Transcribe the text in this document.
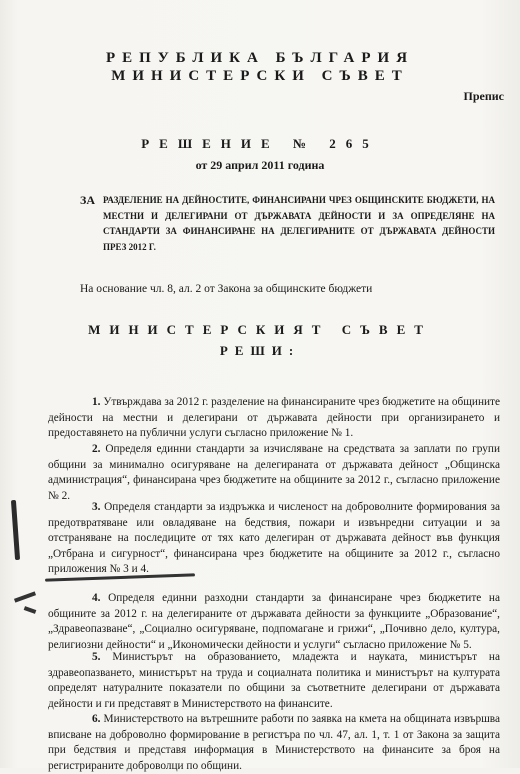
РЕПУБЛИКА БЪЛГАРИЯ
МИНИСТЕРСКИ СЪВЕТ
Препис
РЕШЕНИЕ № 265
от 29 април 2011 година
ЗА РАЗДЕЛЕНИЕ НА ДЕЙНОСТИТЕ, ФИНАНСИРАНИ ЧРЕЗ ОБЩИНСКИТЕ БЮДЖЕТИ, НА МЕСТНИ И ДЕЛЕГИРАНИ ОТ ДЪРЖАВАТА ДЕЙНОСТИ И ЗА ОПРЕДЕЛЯНЕ НА СТАНДАРТИ ЗА ФИНАНСИРАНЕ НА ДЕЛЕГИРАНИТЕ ОТ ДЪРЖАВАТА ДЕЙНОСТИ ПРЕЗ 2012 Г.
На основание чл. 8, ал. 2 от Закона за общинските бюджети
МИНИСТЕРСКИЯТ СЪВЕТ
РЕШИ:

1. Утвърждава за 2012 г. разделение на финансираните чрез бюджетите на общините дейности на местни и делегирани от държавата дейности при организирането и предоставянето на публични услуги съгласно приложение № 1.

2. Определя единни стандарти за изчисляване на средствата за заплати по групи общини за минимално осигуряване на делегираната от държавата дейност „Общинска администрация“, финансирана чрез бюджетите на общините за 2012 г., съгласно приложение № 2.

3. Определя стандарти за издръжка и численост на доброволните формирования за предотвратяване или овладяване на бедствия, пожари и извънредни ситуации и за отстраняване на последиците от тях като делегиран от държавата дейност във функция „Отбрана и сигурност“, финансирана чрез бюджетите на общините за 2012 г., съгласно приложения № 3 и 4.

4. Определя единни разходни стандарти за финансиране чрез бюджетите на общините за 2012 г. на делегираните от държавата дейности за функциите „Образование“, „Здравеопазване“, „Социално осигуряване, подпомагане и грижи“, „Почивно дело, култура, религиозни дейности“ и „Икономически дейности и услуги“ съгласно приложение № 5.

5. Министърът на образованието, младежта и науката, министърът на здравеопазването, министърът на труда и социалната политика и министърът на културата определят натуралните показатели по общини за съответните делегирани от държавата дейности и ги представят в Министерството на финансите.

6. Министерството на вътрешните работи по заявка на кмета на общината извършва вписване на доброволно формирование в регистъра по чл. 47, ал. 1, т. 1 от Закона за защита при бедствия и представя информация в Министерството на финансите за броя на регистрираните доброволци по общини.
